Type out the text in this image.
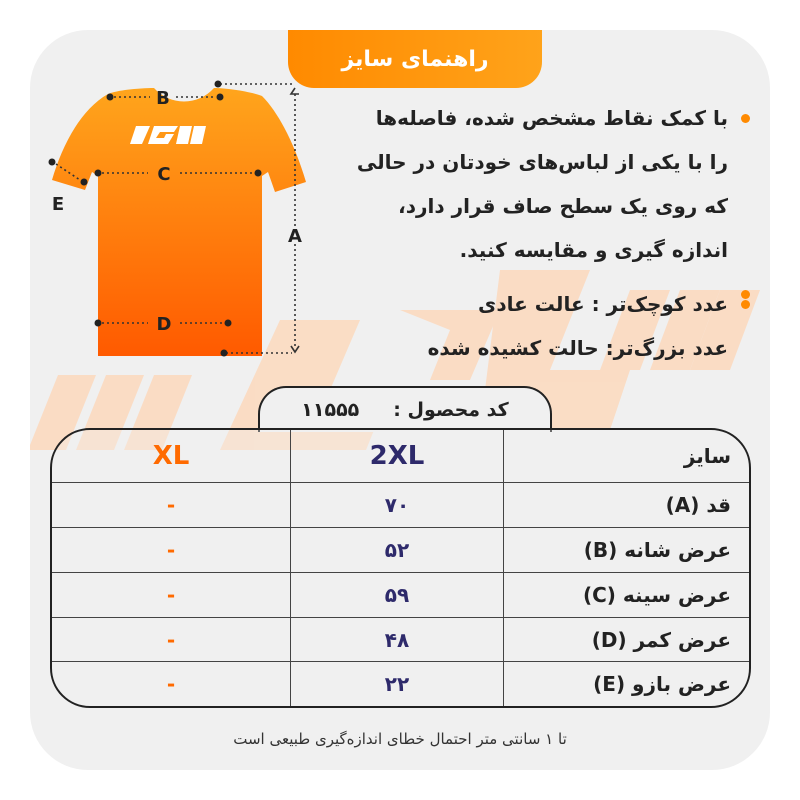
راهنمای سایز
B
C
D
A
E
با کمک نقاط مشخص شده، فاصله‌ها
را با یکی از لباس‌های خودتان در حالی
که روی یک سطح صاف قرار دارد،
اندازه گیری و مقایسه کنید.
عدد کوچک‌تر : عالت عادی
عدد بزرگ‌تر: حالت کشیده شده
کد محصول :
۱۱۵۵۵
سایز	2XL	XL
قد (A)	۷۰	-
عرض شانه (B)	۵۲	-
عرض سینه (C)	۵۹	-
عرض کمر (D)	۴۸	-
عرض بازو (E)	۲۲	-
تا ۱ سانتی متر احتمال خطای اندازه‌گیری طبیعی است
